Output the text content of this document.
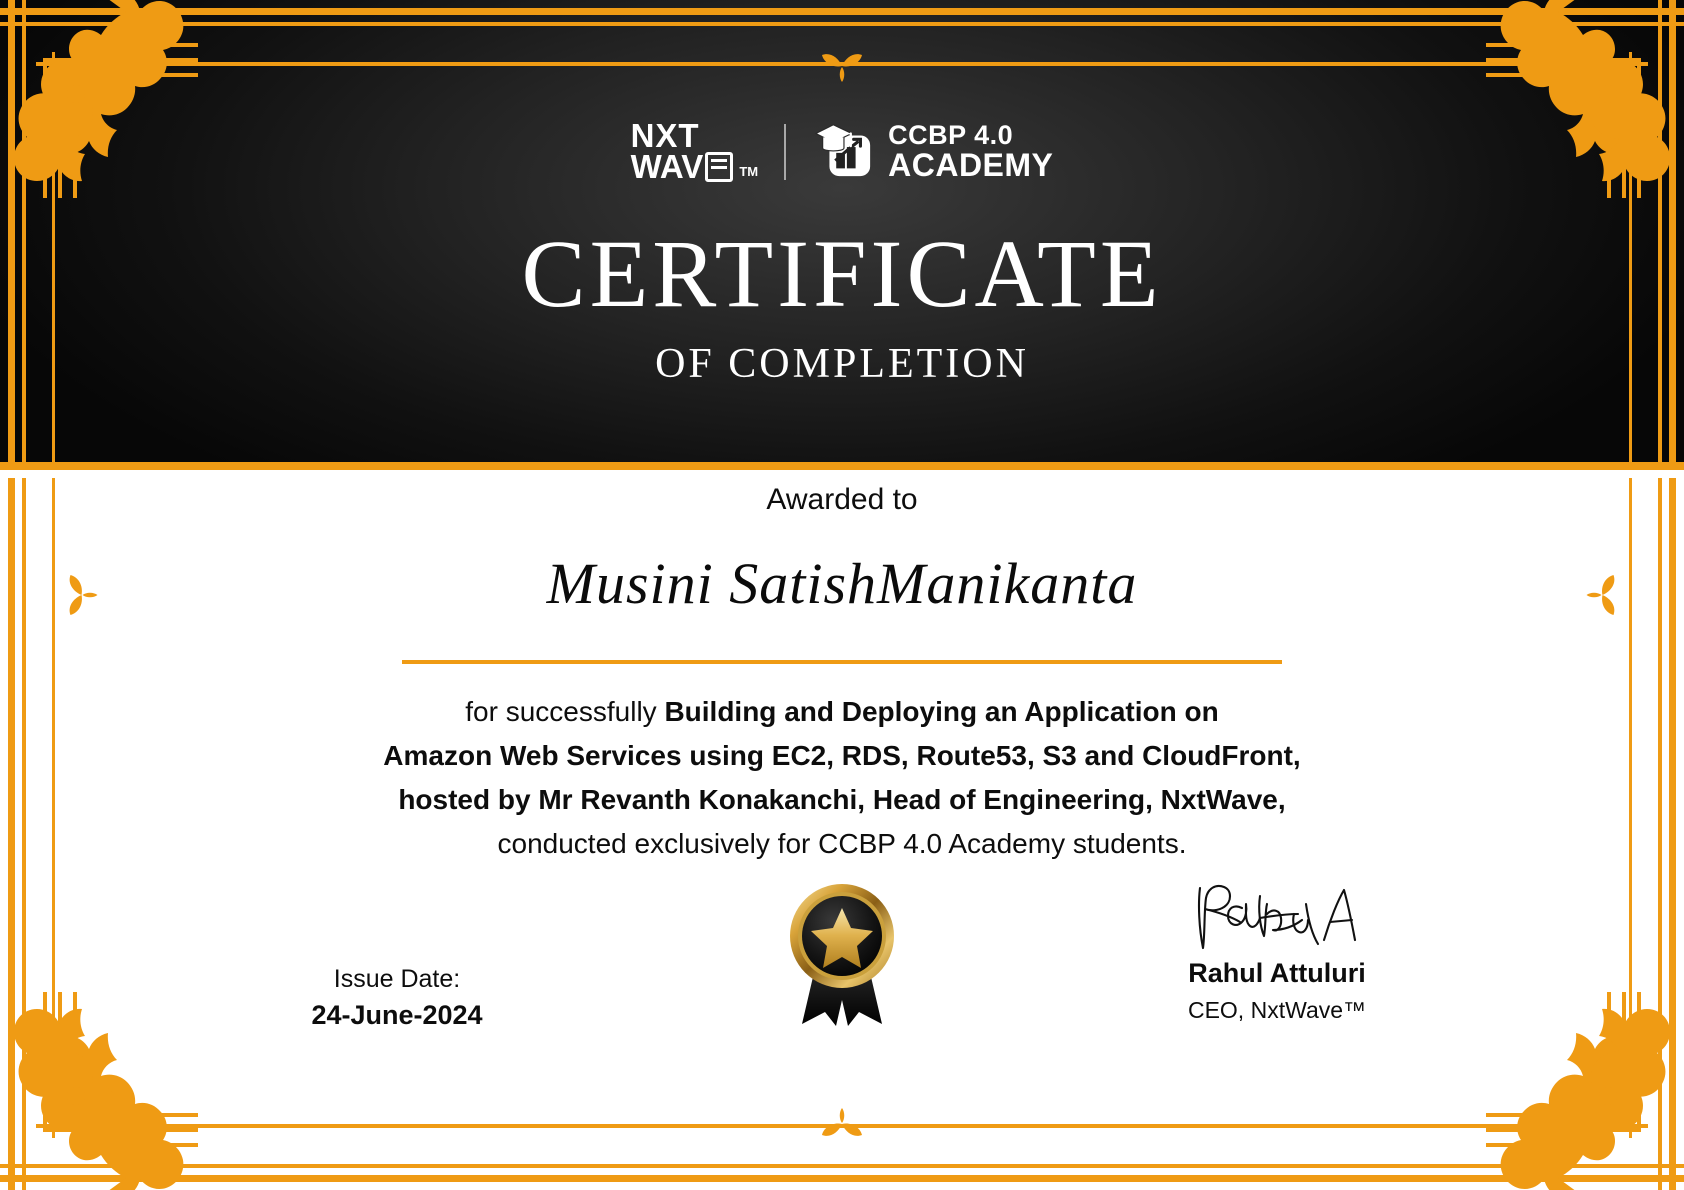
NXT
WAV	TM
CCBP 4.0
ACADEMY
CERTIFICATE
OF COMPLETION
Awarded to
Musini SatishManikanta
for successfully Building and Deploying an Application on
Amazon Web Services using EC2, RDS, Route53, S3 and CloudFront,
hosted by Mr Revanth Konakanchi, Head of Engineering, NxtWave,
conducted exclusively for CCBP 4.0 Academy students.
Issue Date:
24-June-2024
Rahul Attuluri
CEO, NxtWave™
